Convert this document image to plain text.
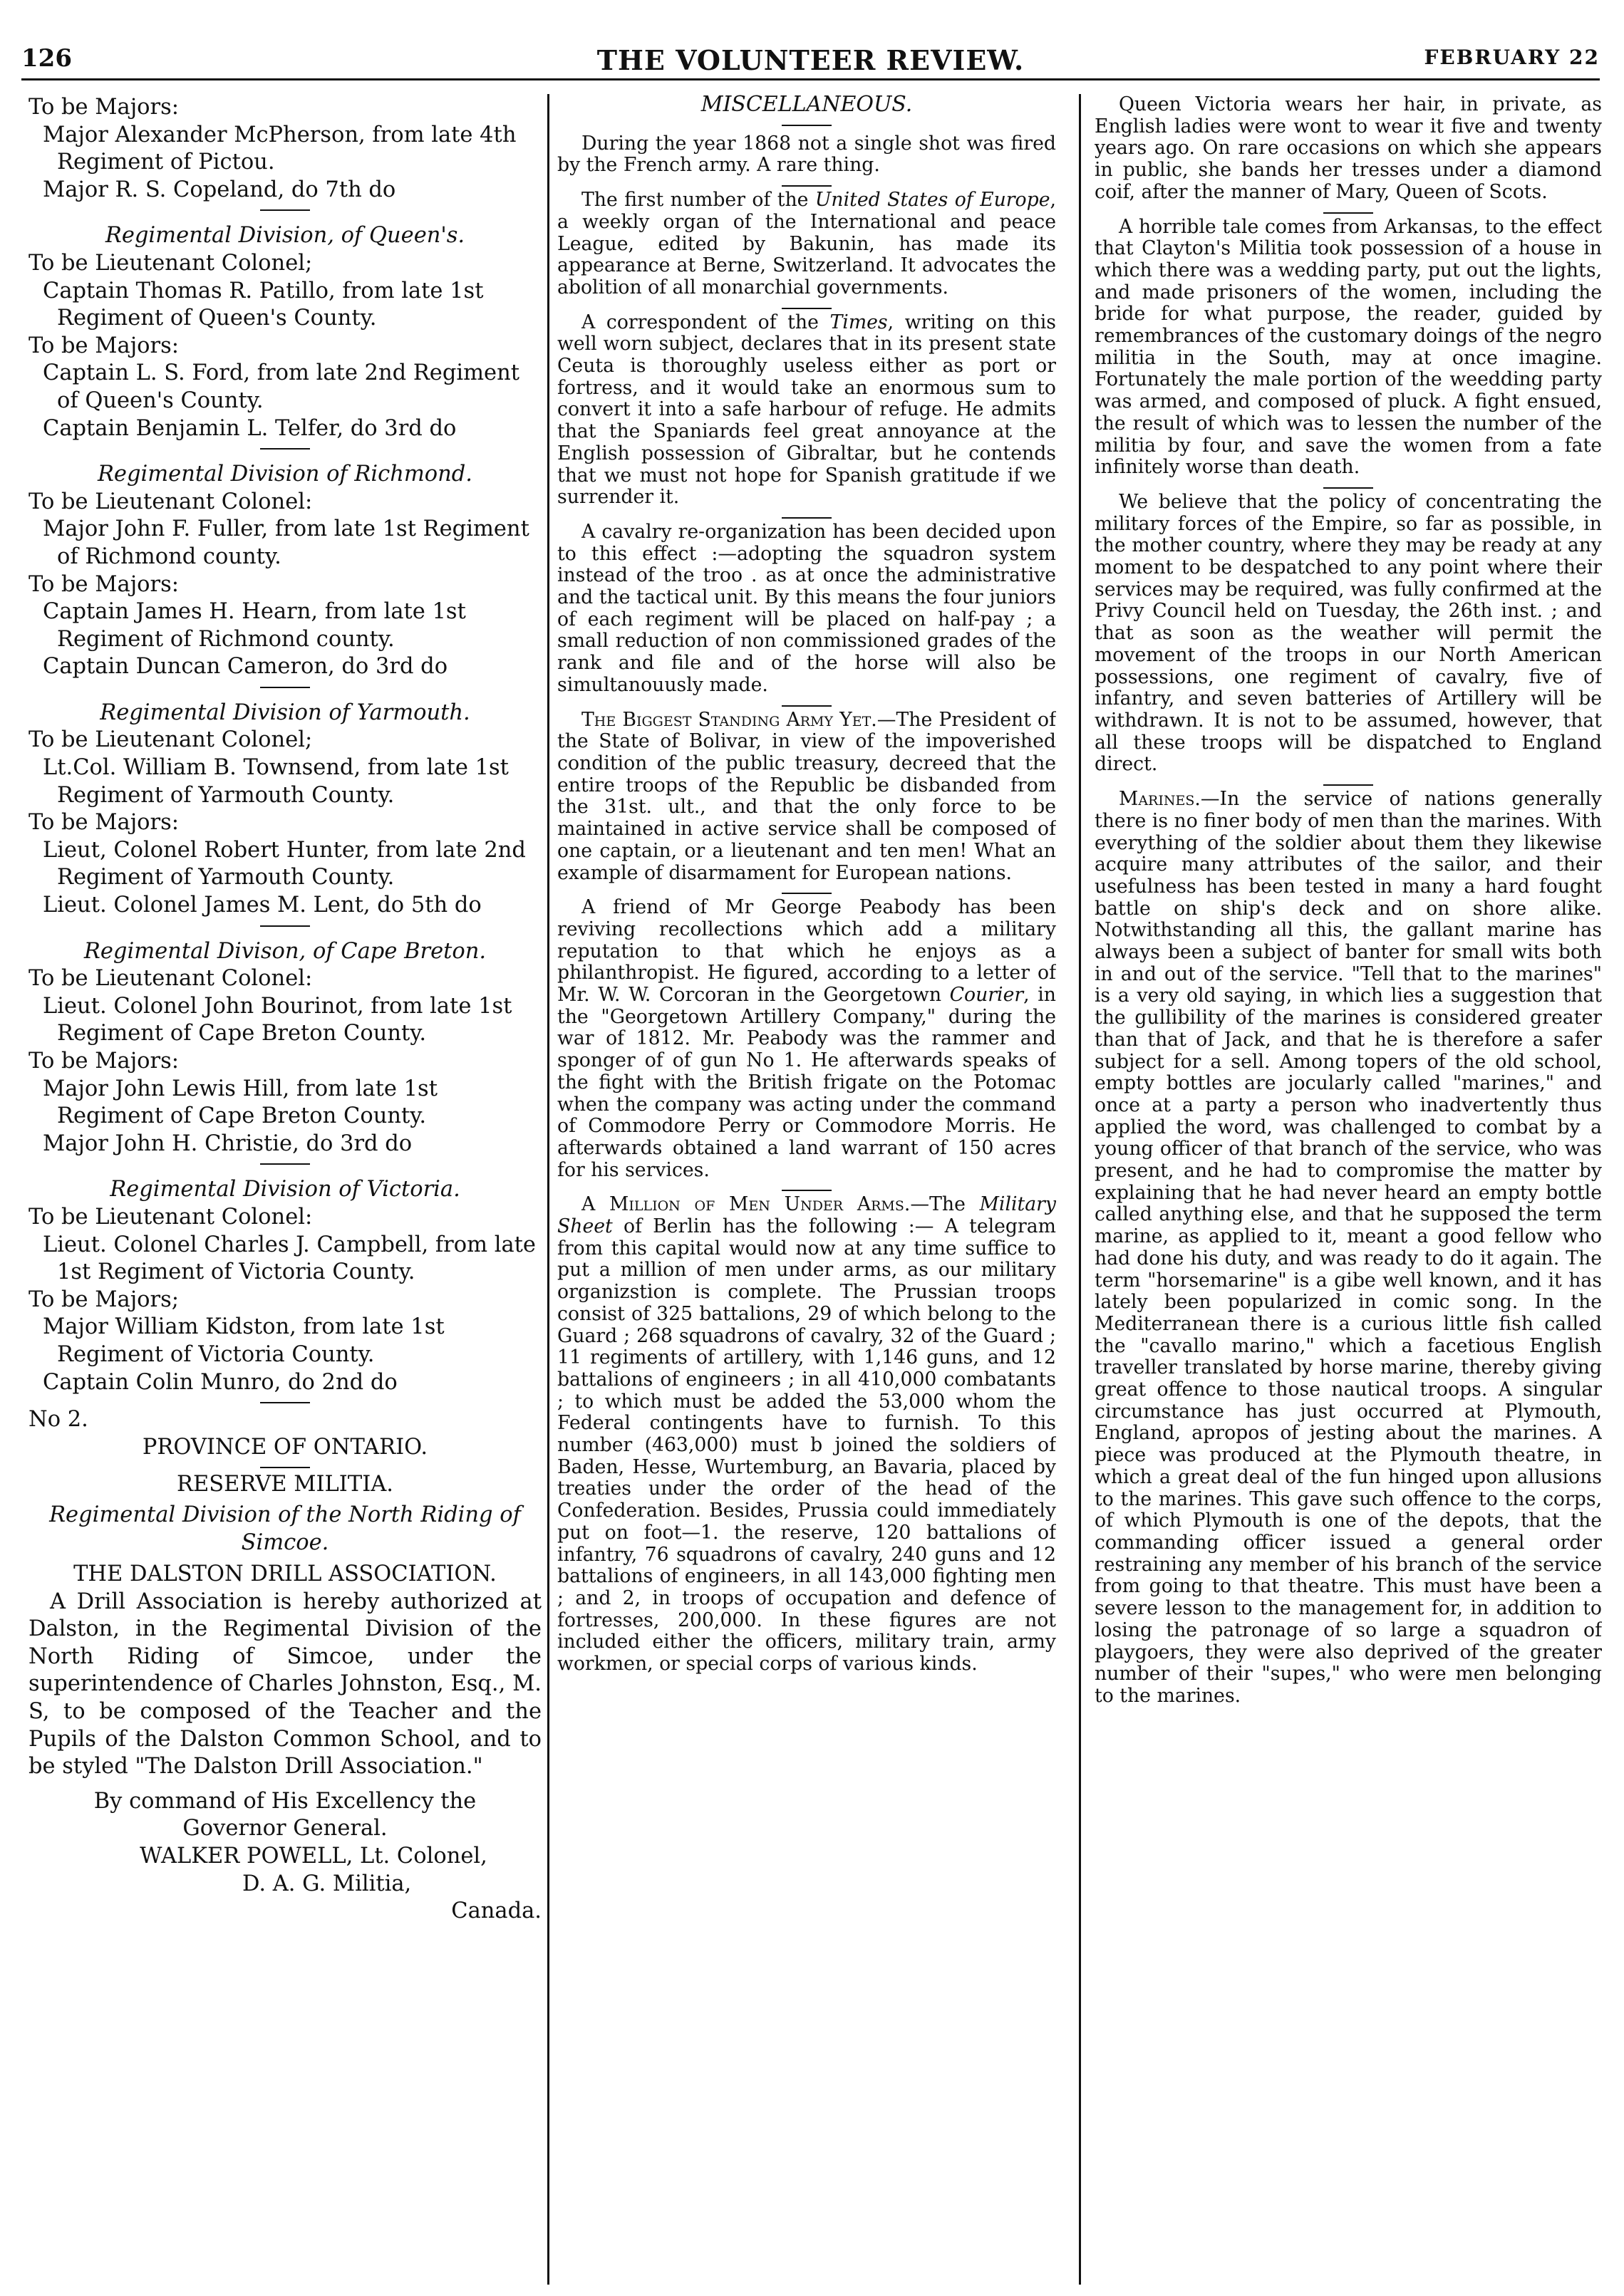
126	THE VOLUNTEER REVIEW.	FEBRUARY 22

To be Majors:

Major Alexander McPherson, from late 4th Regiment of Pictou.

Major R. S. Copeland, do 7th do

Regimental Division, of Queen's.

To be Lieutenant Colonel;

Captain Thomas R. Patillo, from late 1st Regiment of Queen's County.

To be Majors:

Captain L. S. Ford, from late 2nd Regiment of Queen's County.

Captain Benjamin L. Telfer, do 3rd do

Regimental Division of Richmond.

To be Lieutenant Colonel:

Major John F. Fuller, from late 1st Regiment of Richmond county.

To be Majors:

Captain James H. Hearn, from late 1st Regiment of Richmond county.

Captain Duncan Cameron, do 3rd do

Regimental Division of Yarmouth.

To be Lieutenant Colonel;

Lt.Col. William B. Townsend, from late 1st Regiment of Yarmouth County.

To be Majors:

Lieut, Colonel Robert Hunter, from late 2nd Regiment of Yarmouth County.

Lieut. Colonel James M. Lent, do 5th do

Regimental Divison, of Cape Breton.

To be Lieutenant Colonel:

Lieut. Colonel John Bourinot, from late 1st Regiment of Cape Breton County.

To be Majors:

Major John Lewis Hill, from late 1st Regiment of Cape Breton County.

Major John H. Christie, do 3rd do

Regimental Division of Victoria.

To be Lieutenant Colonel:

Lieut. Colonel Charles J. Campbell, from late 1st Regiment of Victoria County.

To be Majors;

Major William Kidston, from late 1st Regiment of Victoria County.

Captain Colin Munro, do 2nd do

No 2.

PROVINCE OF ONTARIO.

RESERVE MILITIA.

Regimental Division of the North Riding of Simcoe.

THE DALSTON DRILL ASSOCIATION.

A Drill Association is hereby authorized at Dalston, in the Regimental Division of the North Riding of Simcoe, under the superintendence of Charles Johnston, Esq., M. S, to be composed of the Teacher and the Pupils of the Dalston Common School, and to be styled "The Dalston Drill Association."

By command of His Excellency the Governor General.

WALKER POWELL, Lt. Colonel,

D. A. G. Militia,

Canada.

MISCELLANEOUS.

During the year 1868 not a single shot was fired by the French army. A rare thing.

The first number of the United States of Europe, a weekly organ of the International and peace League, edited by Bakunin, has made its appearance at Berne, Switzerland. It advocates the abolition of all monarchial governments.

A correspondent of the Times, writing on this well worn subject, declares that in its present state Ceuta is thoroughly useless either as port or fortress, and it would take an enormous sum to convert it into a safe harbour of refuge. He admits that the Spaniards feel great annoyance at the English possession of Gibraltar, but he contends that we must not hope for Spanish gratitude if we surrender it.

A cavalry re-organization has been decided upon to this effect :—adopting the squadron system instead of the troo . as at once the administrative and the tactical unit. By this means the four juniors of each regiment will be placed on half-pay ; a small reduction of non commissioned grades of the rank and file and of the horse will also be simultanouusly made.

The Biggest Standing Army Yet.—The President of the State of Bolivar, in view of the impoverished condition of the public treasury, decreed that the entire troops of the Republic be disbanded from the 31st. ult., and that the only force to be maintained in active service shall be composed of one captain, or a lieutenant and ten men! What an example of disarmament for European nations.

A friend of Mr George Peabody has been reviving recollections which add a military reputation to that which he enjoys as a philanthropist. He figured, according to a letter of Mr. W. W. Corcoran in the Georgetown Courier, in the "Georgetown Artillery Company," during the war of 1812. Mr. Peabody was the rammer and sponger of of gun No 1. He afterwards speaks of the fight with the British frigate on the Potomac when the company was acting under the command of Commodore Perry or Commodore Morris. He afterwards obtained a land warrant of 150 acres for his services.

A Million of Men Under Arms.—The Military Sheet of Berlin has the following :— A telegram from this capital would now at any time suffice to put a million of men under arms, as our military organizstion is complete. The Prussian troops consist of 325 battalions, 29 of which belong to the Guard ; 268 squadrons of cavalry, 32 of the Guard ; 11 regiments of artillery, with 1,146 guns, and 12 battalions of engineers ; in all 410,000 combatants ; to which must be added the 53,000 whom the Federal contingents have to furnish. To this number (463,000) must b joined the soldiers of Baden, Hesse, Wurtemburg, an Bavaria, placed by treaties under the order of the head of the Confederation. Besides, Prussia could immediately put on foot—1. the reserve, 120 battalions of infantry, 76 squadrons of cavalry, 240 guns and 12 battalions of engineers, in all 143,000 fighting men ; and 2, in troops of occupation and defence of fortresses, 200,000. In these figures are not included either the officers, military train, army workmen, or special corps of various kinds.

Queen Victoria wears her hair, in private, as English ladies were wont to wear it five and twenty years ago. On rare occasions on which she appears in public, she bands her tresses under a diamond coif, after the manner of Mary, Queen of Scots.

A horrible tale comes from Arkansas, to the effect that Clayton's Militia took possession of a house in which there was a wedding party, put out the lights, and made prisoners of the women, including the bride for what purpose, the reader, guided by remembrances of the customary doings of the negro militia in the South, may at once imagine. Fortunately the male portion of the weedding party was armed, and composed of pluck. A fight ensued, the result of which was to lessen the number of the militia by four, and save the women from a fate infinitely worse than death.

We believe that the policy of concentrating the military forces of the Empire, so far as possible, in the mother country, where they may be ready at any moment to be despatched to any point where their services may be required, was fully confirmed at the Privy Council held on Tuesday, the 26th inst. ; and that as soon as the weather will permit the movement of the troops in our North American possessions, one regiment of cavalry, five of infantry, and seven batteries of Artillery will be withdrawn. It is not to be assumed, however, that all these troops will be dispatched to England direct.

Marines.—In the service of nations generally there is no finer body of men than the marines. With everything of the soldier about them they likewise acquire many attributes of the sailor, and their usefulness has been tested in many a hard fought battle on ship's deck and on shore alike. Notwithstanding all this, the gallant marine has always been a subject of banter for small wits both in and out of the service. "Tell that to the marines" is a very old saying, in which lies a suggestion that the gullibility of the marines is considered greater than that of Jack, and that he is therefore a safer subject for a sell. Among topers of the old school, empty bottles are jocularly called "marines," and once at a party a person who inadvertently thus applied the word, was challenged to combat by a young officer of that branch of the service, who was present, and he had to compromise the matter by explaining that he had never heard an empty bottle called anything else, and that he supposed the term marine, as applied to it, meant a good fellow who had done his duty, and was ready to do it again. The term "horsemarine" is a gibe well known, and it has lately been popularized in comic song. In the Mediterranean there is a curious little fish called the "cavallo marino," which a facetious English traveller translated by horse marine, thereby giving great offence to those nautical troops. A singular circumstance has just occurred at Plymouth, England, apropos of jesting about the marines. A piece was produced at the Plymouth theatre, in which a great deal of the fun hinged upon allusions to the marines. This gave such offence to the corps, of which Plymouth is one of the depots, that the commanding officer issued a general order restraining any member of his branch of the service from going to that theatre. This must have been a severe lesson to the management for, in addition to losing the patronage of so large a squadron of playgoers, they were also deprived of the greater number of their "supes," who were men belonging to the marines.
